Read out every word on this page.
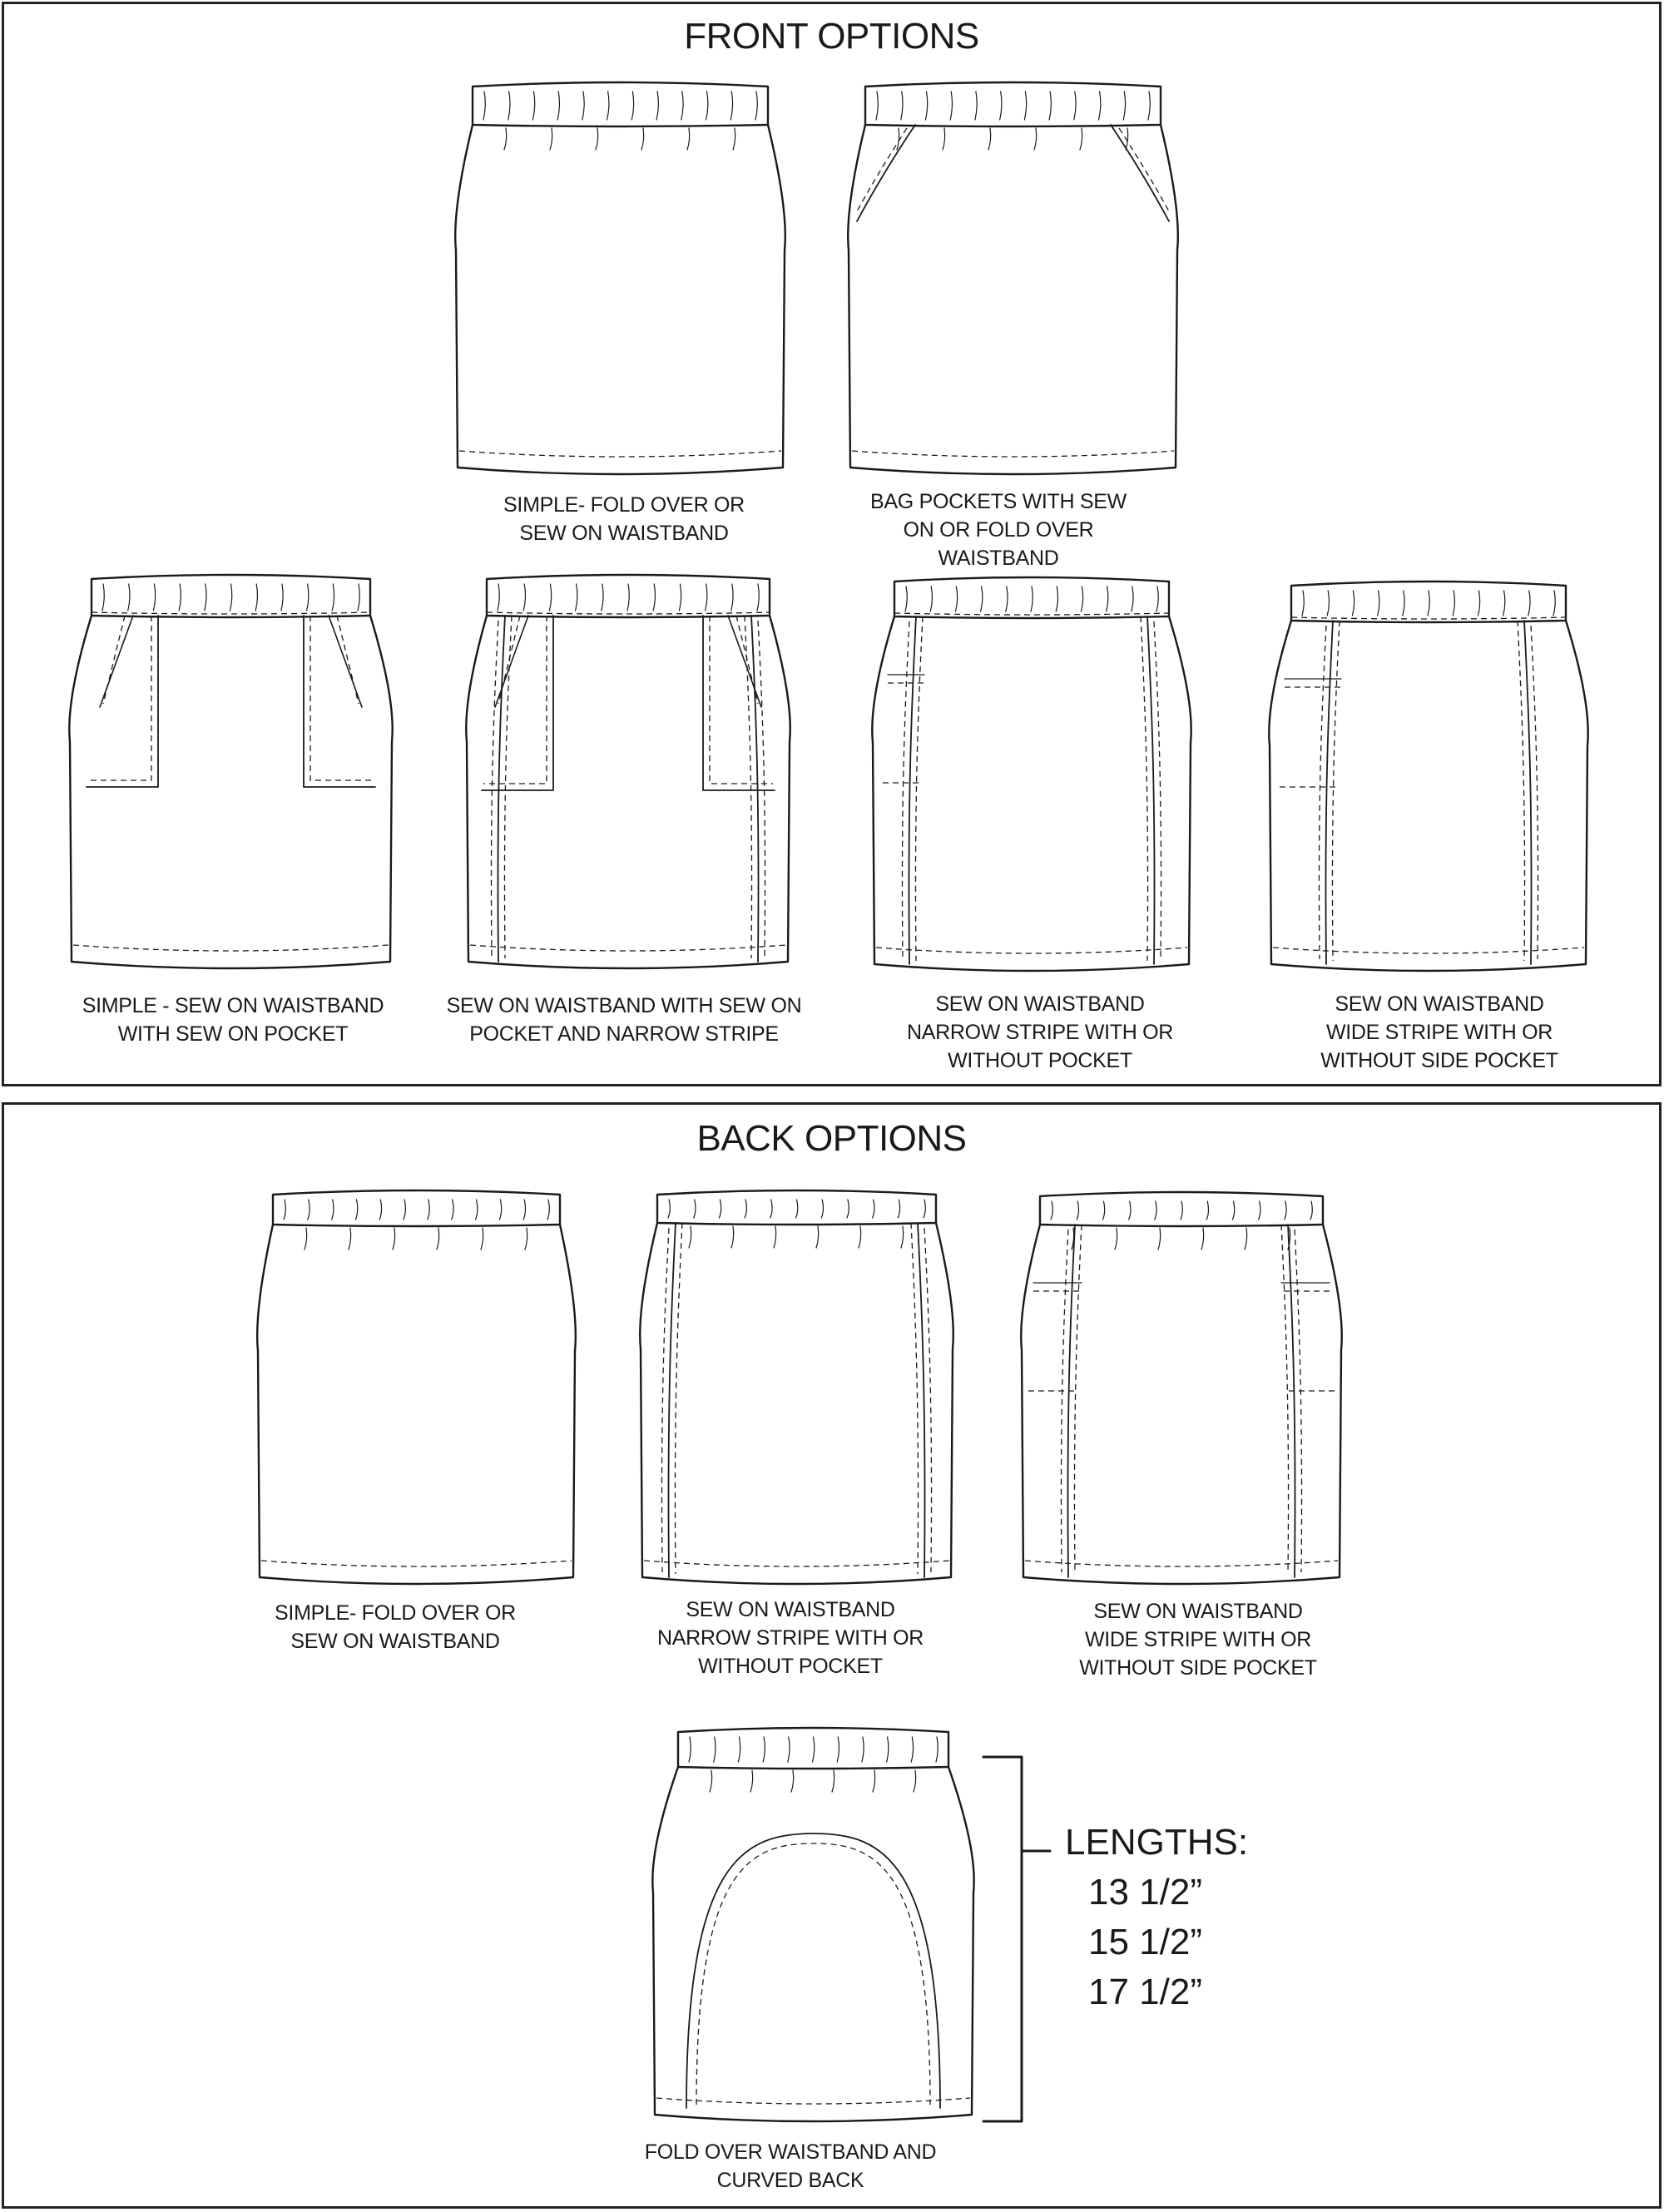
FRONT OPTIONS
BACK OPTIONS
SIMPLE- FOLD OVER OR
SEW ON WAISTBAND
BAG POCKETS WITH SEW
ON OR FOLD OVER
WAISTBAND
SIMPLE - SEW ON WAISTBAND
WITH SEW ON POCKET
SEW ON WAISTBAND WITH SEW ON
POCKET AND NARROW STRIPE
SEW ON WAISTBAND
NARROW STRIPE WITH OR
WITHOUT POCKET
SEW ON WAISTBAND
WIDE STRIPE WITH OR
WITHOUT SIDE POCKET
SIMPLE- FOLD OVER OR
SEW ON WAISTBAND
SEW ON WAISTBAND
NARROW STRIPE WITH OR
WITHOUT POCKET
SEW ON WAISTBAND
WIDE STRIPE WITH OR
WITHOUT SIDE POCKET
FOLD OVER WAISTBAND AND
CURVED BACK
LENGTHS:
13 1/2”
15 1/2”
17 1/2”
